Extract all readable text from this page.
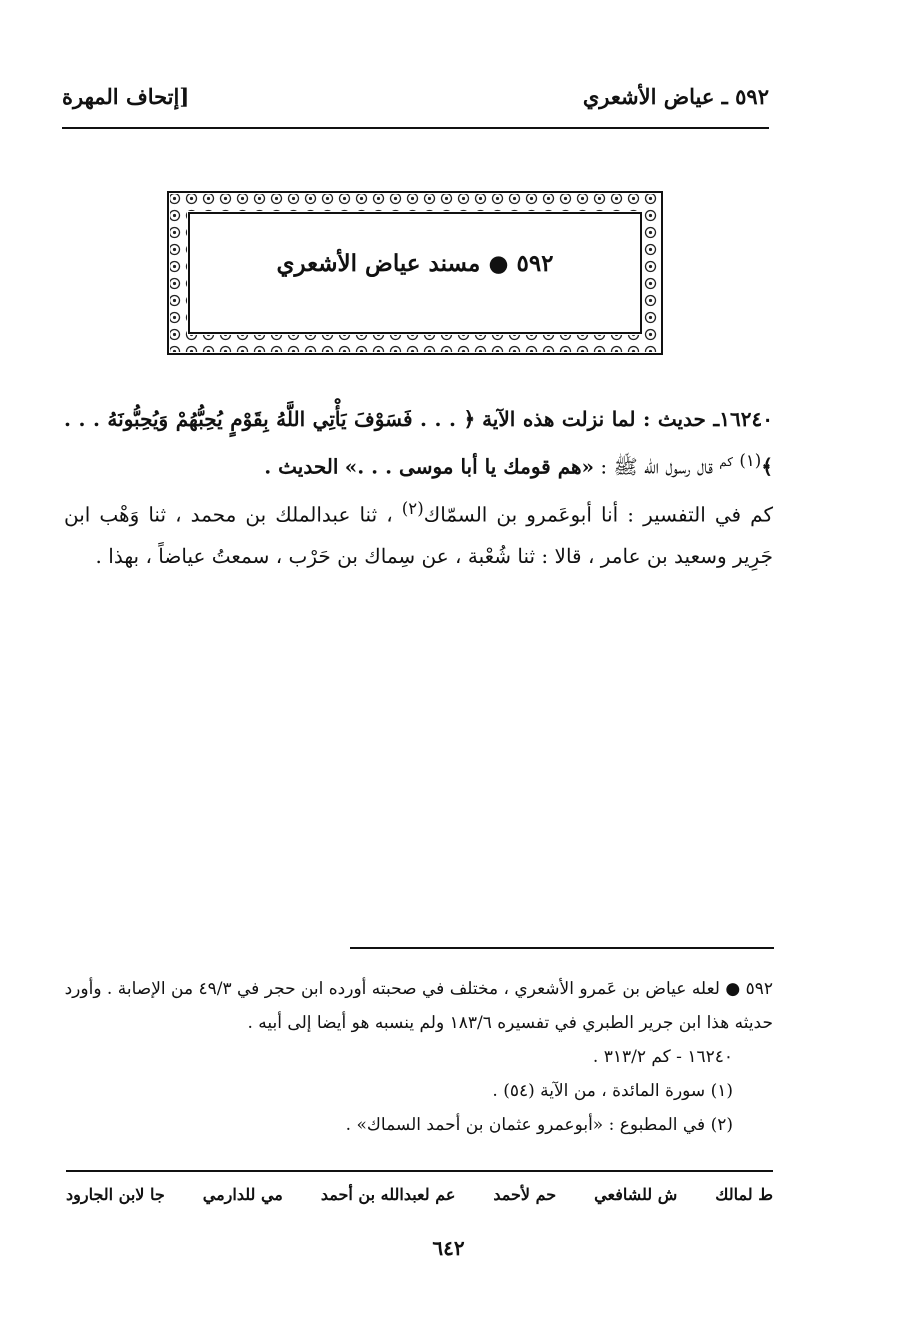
٥٩٢ ـ عياض الأشعري
[إتحاف المهرة
٥٩٢ ● مسند عياض الأشعري

١٦٢٤٠ـ حديث : لما نزلت هذه الآية ﴿ . . . فَسَوْفَ يَأْتِي اللَّهُ بِقَوْمٍ يُحِبُّهُمْ وَيُحِبُّونَهُ . . . ﴾$^{(١)}$ $^{كم}$ قال رسول الله ﷺ : «هم قومك يا أبا موسى . . .» الحديث .

كم في التفسير : أنا أبوعَمرو بن السمّاك$^{(٢)}$ ، ثنا عبدالملك بن محمد ، ثنا وَهْب ابن جَرِير وسعيد بن عامر ، قالا : ثنا شُعْبة ، عن سِماك بن حَرْب ، سمعتُ عياضاً ، بهذا .

٥٩٢ ● لعله عياض بن عَمرو الأشعري ، مختلف في صحبته أورده ابن حجر في ٤٩/٣ من الإصابة . وأورد حديثه هذا ابن جرير الطبري في تفسيره ١٨٣/٦ ولم ينسبه هو أيضا إلى أبيه .

١٦٢٤٠ - كم ٣١٣/٢ .

(١) سورة المائدة ، من الآية (٥٤) .

(٢) في المطبوع : «أبوعمرو عثمان بن أحمد السماك» .

ط لمالك
ش للشافعي
حم لأحمد
عم لعبدالله بن أحمد
مي للدارمي
جا لابن الجارود
٦٤٢
